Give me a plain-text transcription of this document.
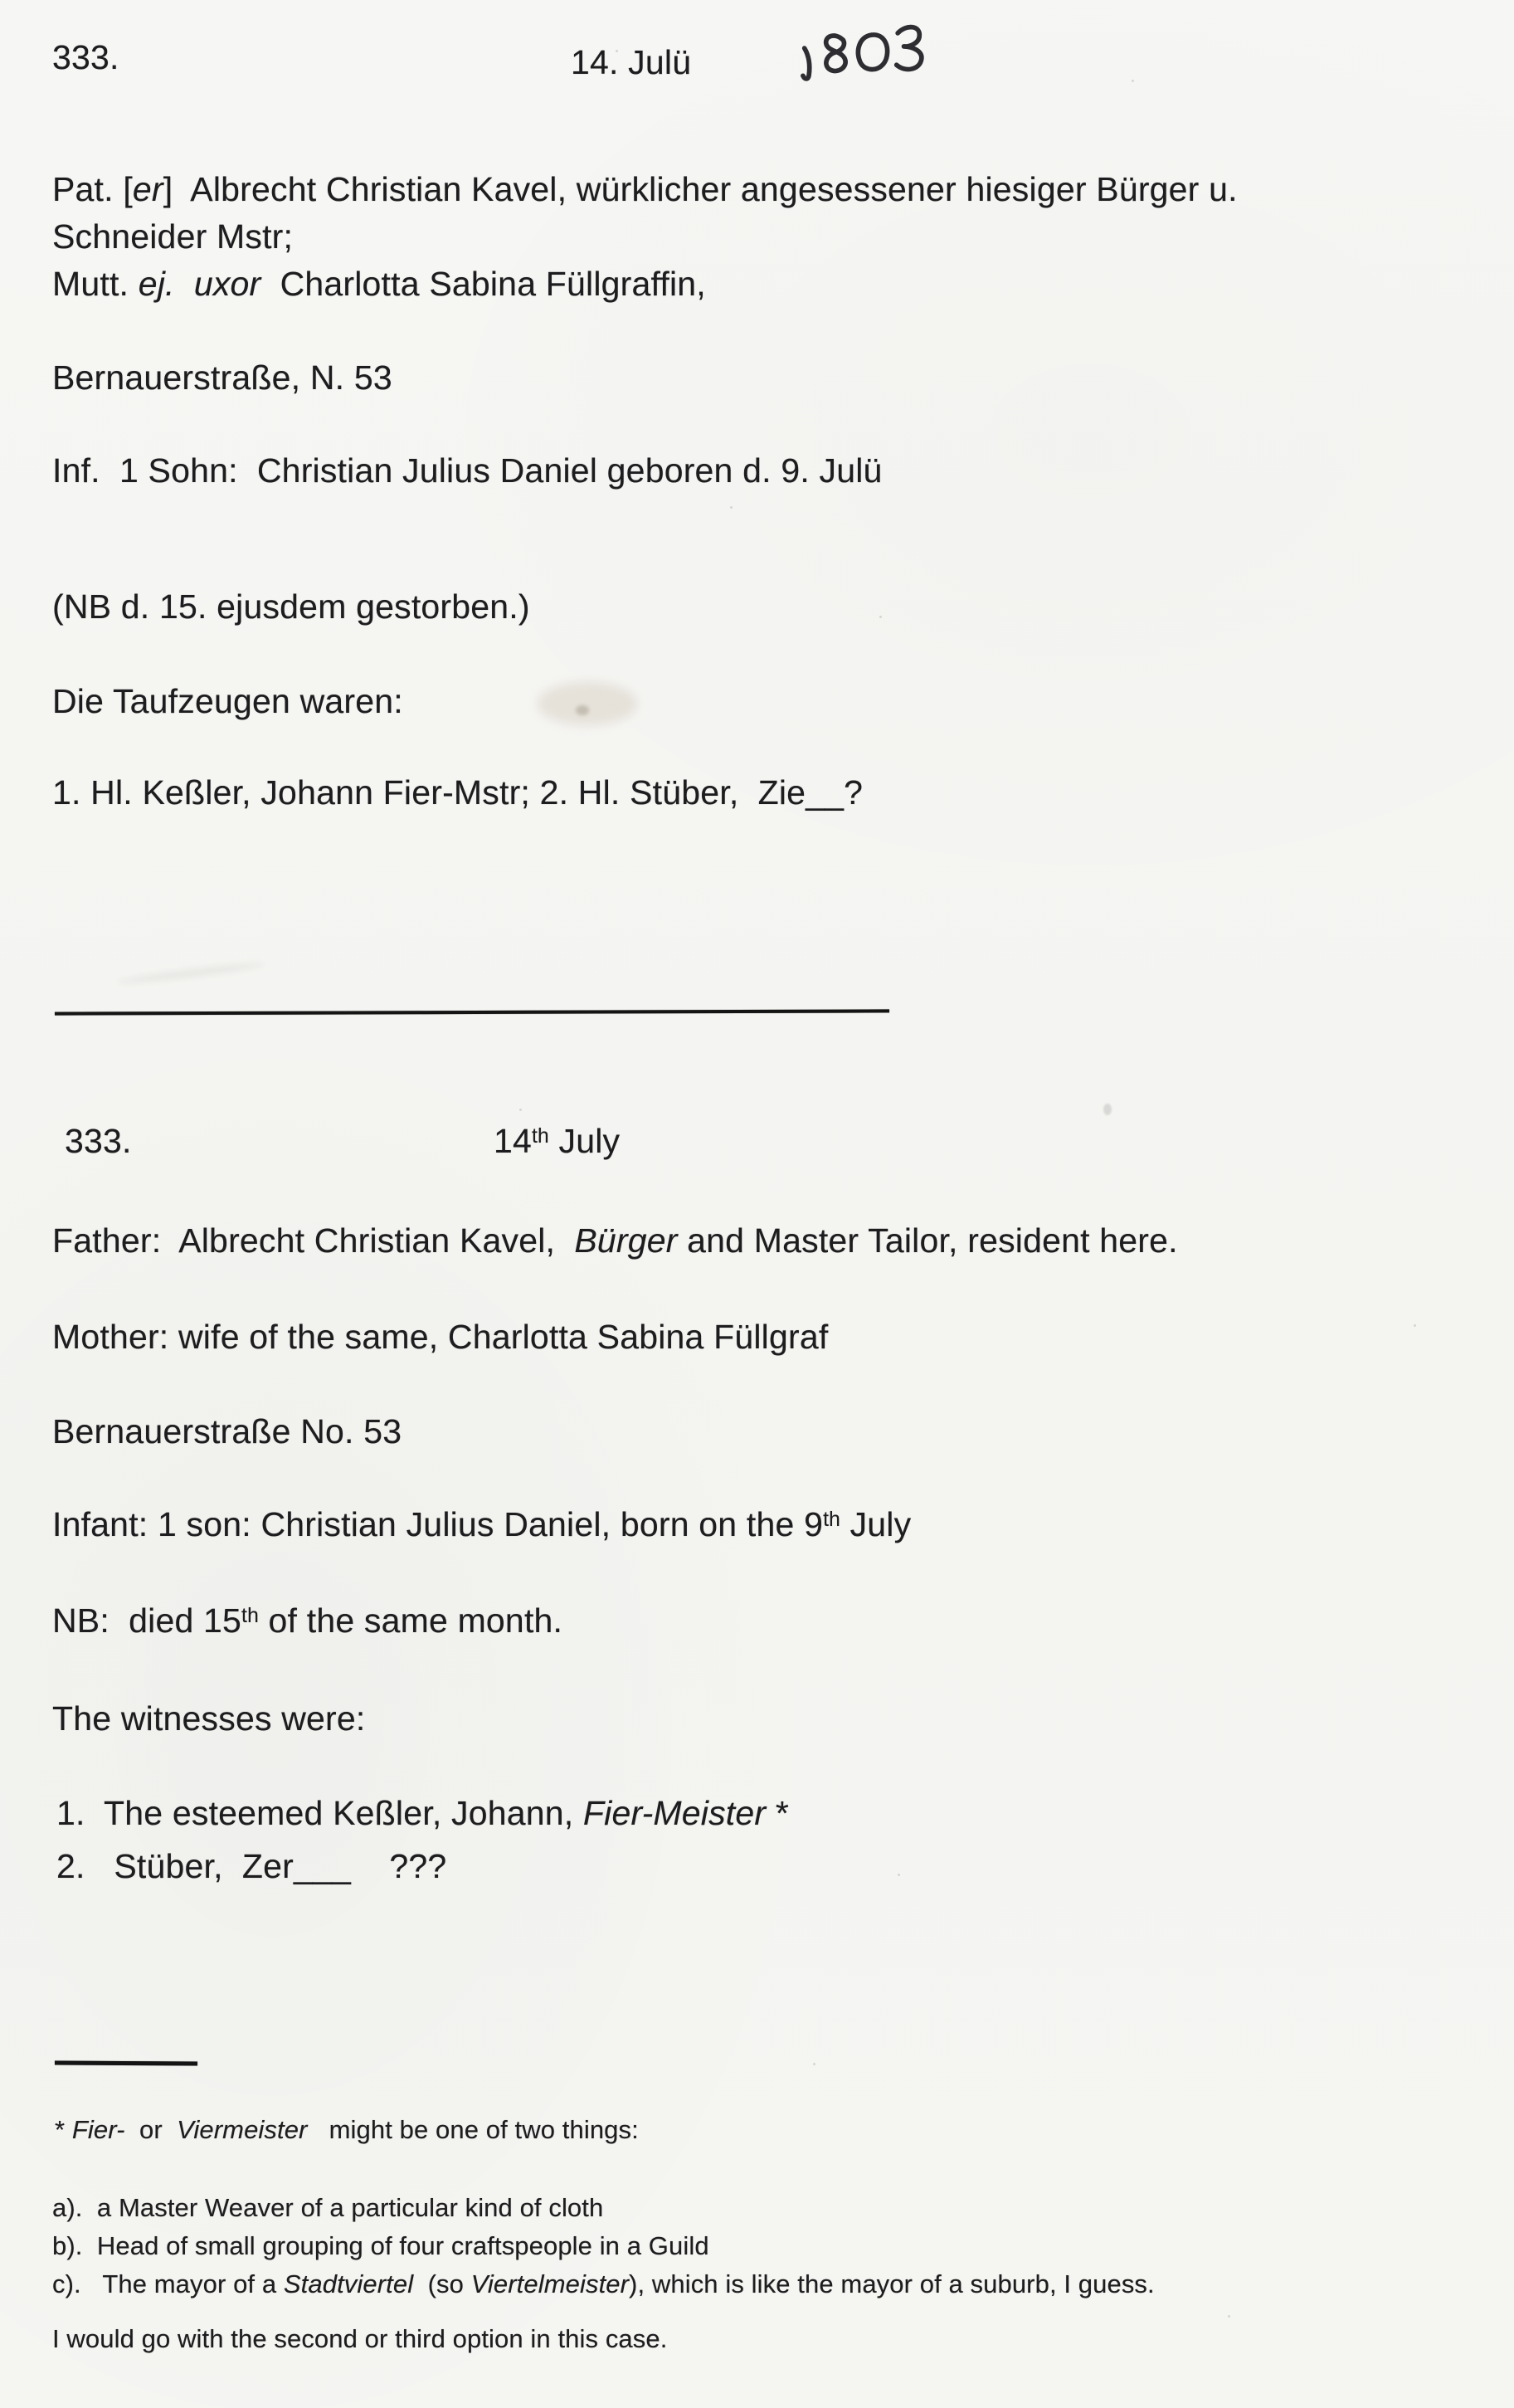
333.	14. Julü
Pat. [er]  Albrecht Christian Kavel, würklicher angesessener hiesiger Bürger u.
Schneider Mstr;
Mutt. ej. uxor  Charlotta Sabina Füllgraffin,
Bernauerstraße, N. 53
Inf.  1 Sohn:  Christian Julius Daniel geboren d. 9. Julü
(NB d. 15. ejusdem gestorben.)
Die Taufzeugen waren:
1. Hl. Keßler, Johann Fier-Mstr; 2. Hl. Stüber,  Zie__?
333.	14th July
Father:  Albrecht Christian Kavel,  Bürger and Master Tailor, resident here.
Mother: wife of the same, Charlotta Sabina Füllgraf
Bernauerstraße No. 53
Infant: 1 son: Christian Julius Daniel, born on the 9th July
NB:  died 15th of the same month.
The witnesses were:
1.  The esteemed Keßler, Johann, Fier-Meister *
2.   Stüber,  Zer___    ???
* Fier-  or  Viermeister   might be one of two things:
a).  a Master Weaver of a particular kind of cloth
b).  Head of small grouping of four craftspeople in a Guild
c).   The mayor of a Stadtviertel  (so Viertelmeister), which is like the mayor of a suburb, I guess.
I would go with the second or third option in this case.
